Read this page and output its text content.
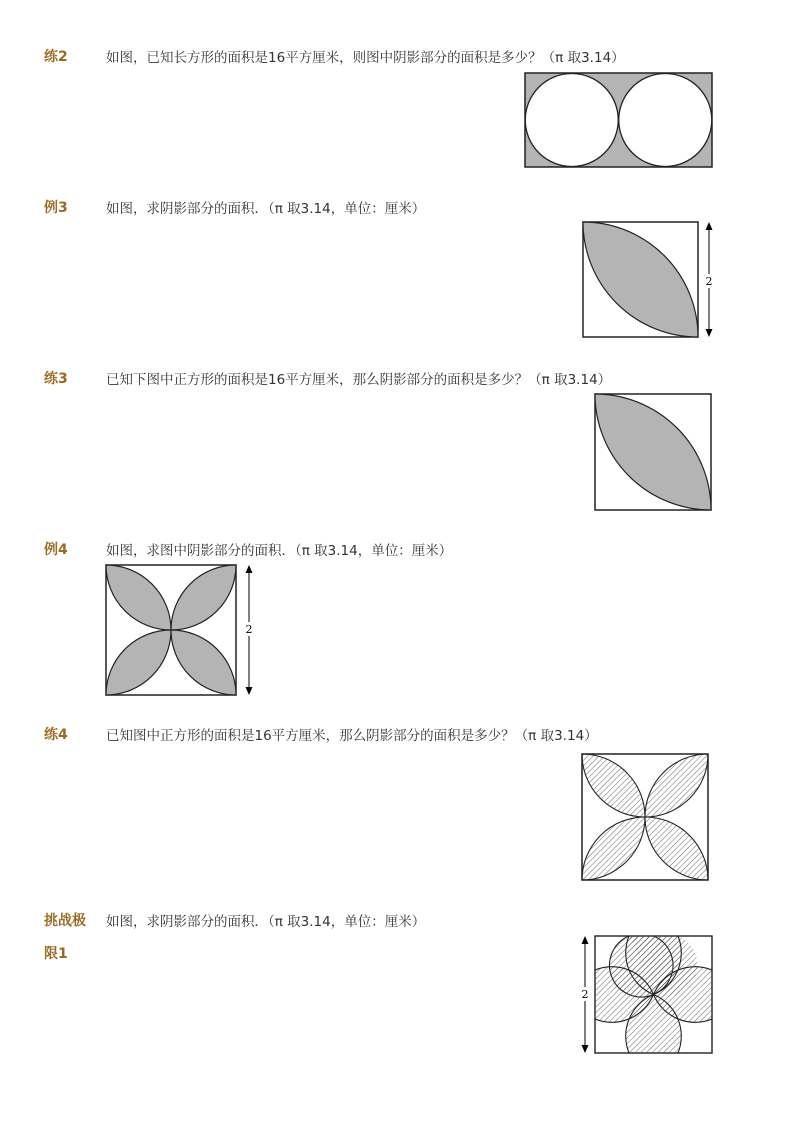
练2	如图，已知长方形的面积是16平方厘米，则图中阴影部分的面积是多少？（π 取3.14）
例3	如图，求阴影部分的面积．（π 取3.14，单位：厘米）
2
练3	已知下图中正方形的面积是16平方厘米，那么阴影部分的面积是多少？（π 取3.14）
例4	如图，求图中阴影部分的面积．（π 取3.14，单位：厘米）
2
练4	已知图中正方形的面积是16平方厘米，那么阴影部分的面积是多少？（π 取3.14）
挑战极
限1
如图，求阴影部分的面积．（π 取3.14，单位：厘米）
2
